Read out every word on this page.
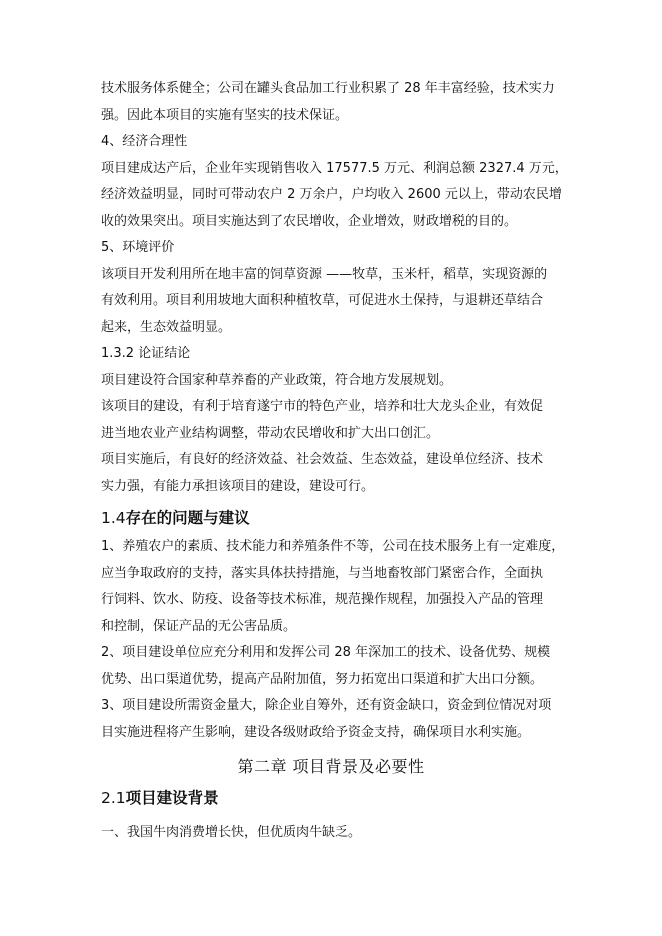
技术服务体系健全；公司在罐头食品加工行业积累了 28 年丰富经验，技术实力

强。因此本项目的实施有坚实的技术保证。

4、经济合理性

项目建成达产后，企业年实现销售收入 17577.5 万元、利润总额 2327.4 万元，

经济效益明显，同时可带动农户 2 万余户，户均收入 2600 元以上，带动农民增

收的效果突出。项目实施达到了农民增收，企业增效，财政增税的目的。

5、环境评价

该项目开发利用所在地丰富的饲草资源 ——牧草，玉米杆，稻草，实现资源的

有效利用。项目利用坡地大面积种植牧草，可促进水土保持，与退耕还草结合

起来，生态效益明显。

1.3.2 论证结论

项目建设符合国家种草养畜的产业政策，符合地方发展规划。

该项目的建设，有利于培育遂宁市的特色产业，培养和壮大龙头企业，有效促

进当地农业产业结构调整，带动农民增收和扩大出口创汇。

项目实施后，有良好的经济效益、社会效益、生态效益，建设单位经济、技术

实力强，有能力承担该项目的建设，建设可行。

1.4存在的问题与建议

1、养殖农户的素质、技术能力和养殖条件不等，公司在技术服务上有一定难度，

应当争取政府的支持，落实具体扶持措施，与当地畜牧部门紧密合作，全面执

行饲料、饮水、防疫、设备等技术标准，规范操作规程，加强投入产品的管理

和控制，保证产品的无公害品质。

2、项目建设单位应充分利用和发挥公司 28 年深加工的技术、设备优势、规模

优势、出口渠道优势，提高产品附加值，努力拓宽出口渠道和扩大出口分额。

3、项目建设所需资金量大，除企业自筹外，还有资金缺口，资金到位情况对项

目实施进程将产生影响，建设各级财政给予资金支持，确保项目水利实施。

第二章 项目背景及必要性

2.1项目建设背景

一、我国牛肉消费增长快，但优质肉牛缺乏。
